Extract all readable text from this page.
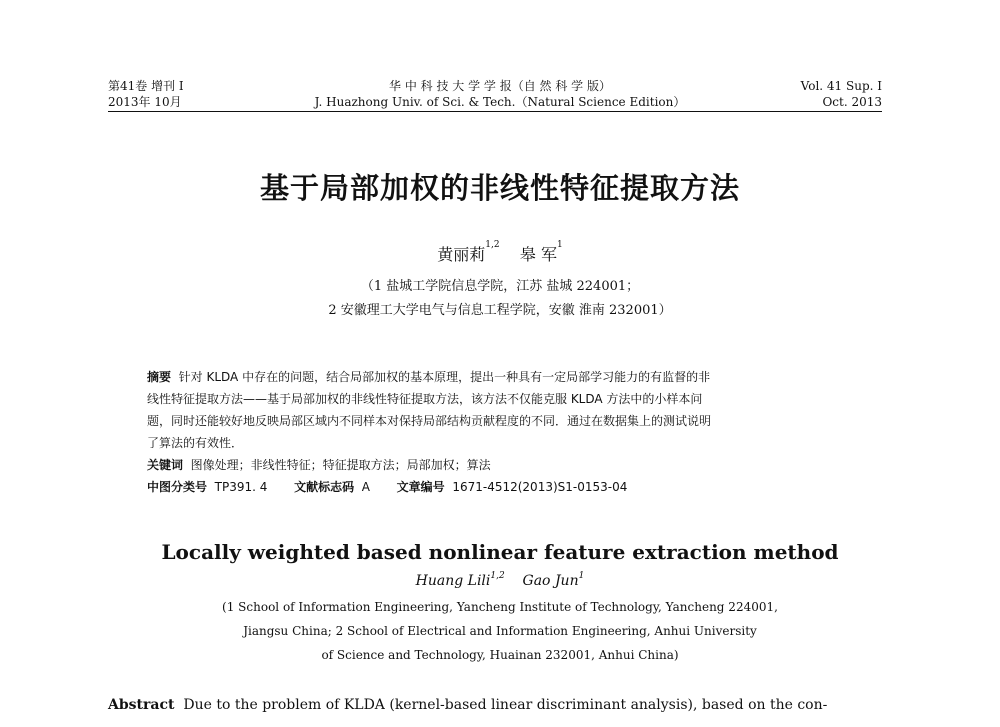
第41卷 增刊 I
2013年 10月
华 中 科 技 大 学 学 报（自 然 科 学 版）
J. Huazhong Univ. of Sci. & Tech.（Natural Science Edition）
Vol. 41 Sup. I
Oct. 2013
基于局部加权的非线性特征提取方法
黄丽莉$^{1,2}$ 皋 军$^1$
（1 盐城工学院信息学院，江苏 盐城 224001；
2 安徽理工大学电气与信息工程学院，安徽 淮南 232001）
摘要 针对 KLDA 中存在的问题，结合局部加权的基本原理，提出一种具有一定局部学习能力的有监督的非
线性特征提取方法——基于局部加权的非线性特征提取方法，该方法不仅能克服 KLDA 方法中的小样本问
题，同时还能较好地反映局部区域内不同样本对保持局部结构贡献程度的不同．通过在数据集上的测试说明
了算法的有效性．
关键词 图像处理；非线性特征；特征提取方法；局部加权；算法
中图分类号 TP391. 4 文献标志码 A 文章编号 1671-4512(2013)S1-0153-04
Locally weighted based nonlinear feature extraction method
Huang Lili$^{1,2}$ Gao Jun$^1$
(1 School of Information Engineering, Yancheng Institute of Technology, Yancheng 224001,
Jiangsu China; 2 School of Electrical and Information Engineering, Anhui University
of Science and Technology, Huainan 232001, Anhui China)
Abstract Due to the problem of KLDA (kernel-based linear discriminant analysis), based on the con-
